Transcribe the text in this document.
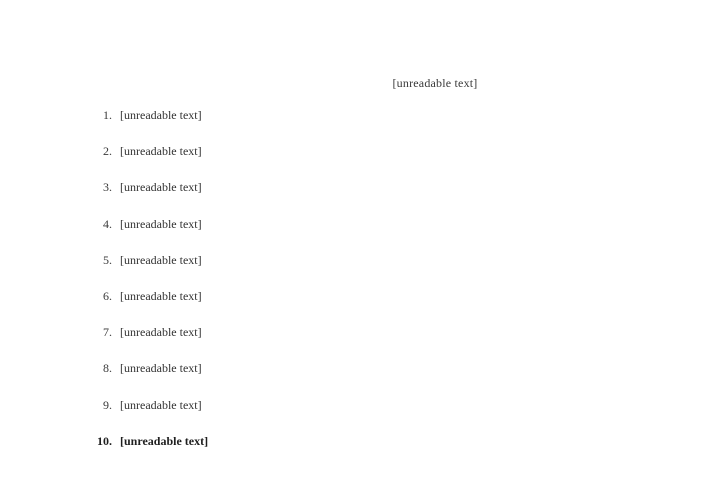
[unreadable text]
1. [unreadable text]
2. [unreadable text]
3. [unreadable text]
4. [unreadable text]
5. [unreadable text]
6. [unreadable text]
7. [unreadable text]
8. [unreadable text]
9. [unreadable text]
10. [unreadable text]
